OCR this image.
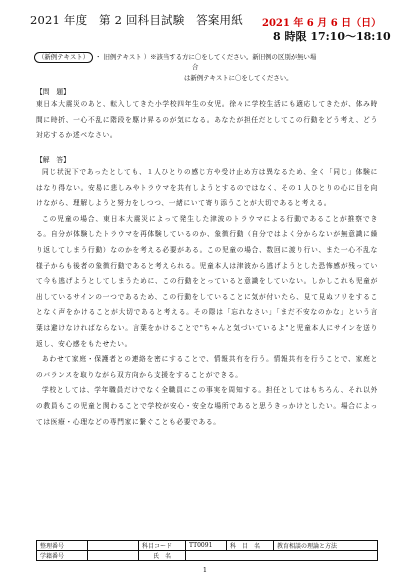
2021 年度　第 2 回科目試験　答案用紙 2021 年 6 月 6 日（日）
8 時限 17:10〜18:10
（新例テキスト） ・ 旧例テキスト ）※該当する方に〇をしてください。新旧例の区別が無い場
合
は新例テキストに〇をしてください。
【問　題】

東日本大震災のあと、転入してきた小学校四年生の女児。徐々に学校生活にも適応してきたが、体み時間に時折、一心不乱に階段を駆け昇るのが気になる。あなたが担任だとしてこの行動をどう考え、どう対応するか述べなさい。

【解　答】

同じ状況下であったとしても、１人ひとりの感じ方や受け止め方は異なるため、全く「同じ」体験にはなり得ない。安易に悲しみやトラウマを共有しようとするのではなく、その１人ひとりの心に目を向けながら、理解しようと努力をしつつ、一緒にいて寄り添うことが大切であると考える。

この児童の場合、東日本大震災によって発生した津波のトラウマによる行動であることが推察できる。自分が体験したトラウマを再体験しているのか、象徴行動（自分ではよく分からないが無意識に繰り返してしまう行動）なのかを考える必要がある。この児童の場合、数回に渡り行い、また一心不乱な様子からも後者の象徴行動であると考えられる。児童本人は津波から逃げようとした恐怖感が残っていて今も逃げようとしてしまうために、この行動をとっていると意識をしていない。しかしこれも児童が出しているサインの一つであるため、この行動をしていることに気が付いたら、見て見ぬフリをすることなく声をかけることが大切であると考える。その際は「忘れなさい」「まだ不安なのかな」という言葉は避けなければならない。言葉をかけることで"ちゃんと気づいているよ"と児童本人にサインを送り返し、安心感をもたせたい。

あわせて家庭・保護者との連絡を密にすることで、情報共有を行う。情報共有を行うことで、家庭とのバランスを取りながら双方向から支援をすることができる。

学校としては、学年職員だけでなく全職員にこの事実を周知する。担任としてはもちろん、それ以外の教員もこの児童と関わることで学校が安心・安全な場所であると思うきっかけとしたい。場合によっては医療・心理などの専門家に繋ぐことも必要である。

整理番号		科目コード	TT0091	科　目　名	教育相談の理論と方法
学籍番号		氏　名			
1
